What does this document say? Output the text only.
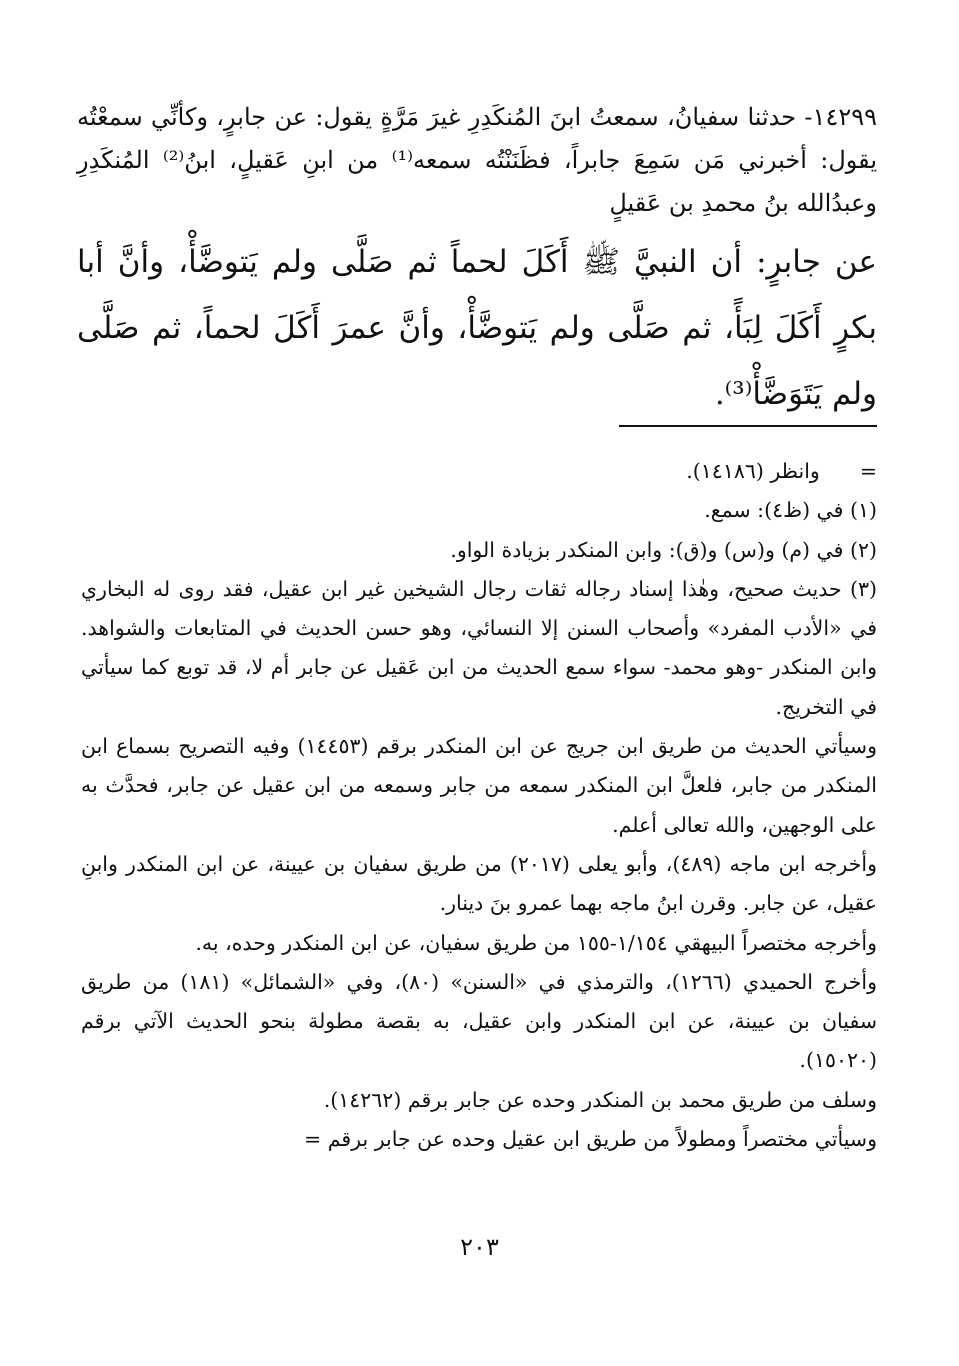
١٤٢٩٩- حدثنا سفيانُ، سمعتُ ابنَ المُنكَدِرِ غيرَ مَرَّةٍ يقول: عن جابرٍ، وكأنِّي سمعْتُه يقول: أخبرني مَن سَمِعَ جابراً، فظَنَنْتُه سمعه⁽¹⁾ من ابنِ عَقيلٍ، ابنُ⁽²⁾ المُنكَدِرِ وعبدُالله بنُ محمدِ بن عَقيلٍ

عن جابرٍ: أن النبيَّ ﷺ أَكَلَ لحماً ثم صَلَّى ولم يَتوضَّأْ، وأنَّ أبا بكرٍ أَكَلَ لِبَأً، ثم صَلَّى ولم يَتوضَّأْ، وأنَّ عمرَ أَكَلَ لحماً، ثم صَلَّى ولم يَتَوَضَّأْ⁽³⁾.

=وانظر (١٤١٨٦).

(١) في (ظ٤): سمع.

(٢) في (م) و(س) و(ق): وابن المنكدر بزيادة الواو.

(٣) حديث صحيح، وهٰذا إسناد رجاله ثقات رجال الشيخين غير ابن عقيل، فقد روى له البخاري في «الأدب المفرد» وأصحاب السنن إلا النسائي، وهو حسن الحديث في المتابعات والشواهد. وابن المنكدر -وهو محمد- سواء سمع الحديث من ابن عَقيل عن جابر أم لا، قد توبع كما سيأتي في التخريج.

وسيأتي الحديث من طريق ابن جريج عن ابن المنكدر برقم (١٤٤٥٣) وفيه التصريح بسماع ابن المنكدر من جابر، فلعلَّ ابن المنكدر سمعه من جابر وسمعه من ابن عقيل عن جابر، فحدَّث به على الوجهين، والله تعالى أعلم.

وأخرجه ابن ماجه (٤٨٩)، وأبو يعلى (٢٠١٧) من طريق سفيان بن عيينة، عن ابن المنكدر وابنِ عقيل، عن جابر. وقرن ابنُ ماجه بهما عمرو بنَ دينار.

وأخرجه مختصراً البيهقي ١/١٥٤-١٥٥ من طريق سفيان، عن ابن المنكدر وحده، به.

وأخرج الحميدي (١٢٦٦)، والترمذي في «السنن» (٨٠)، وفي «الشمائل» (١٨١) من طريق سفيان بن عيينة، عن ابن المنكدر وابن عقيل، به بقصة مطولة بنحو الحديث الآتي برقم (١٥٠٢٠).

وسلف من طريق محمد بن المنكدر وحده عن جابر برقم (١٤٢٦٢).

وسيأتي مختصراً ومطولاً من طريق ابن عقيل وحده عن جابر برقم =

٢٠٣
